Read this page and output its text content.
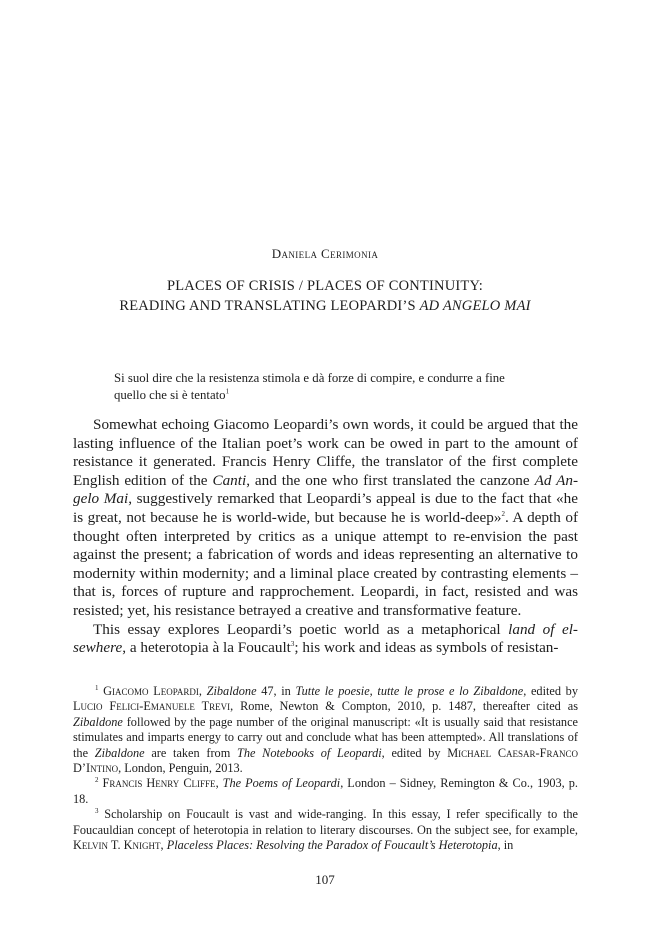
Daniela Cerimonia

PLACES OF CRISIS / PLACES OF CONTINUITY:
READING AND TRANSLATING LEOPARDI’S AD ANGELO MAI
Si suol dire che la resistenza stimola e dà forze di compire, e condurre a fine
quello che si è tentato$^1$

Somewhat echoing Giacomo Leopardi’s own words, it could be argued that the lasting influence of the Italian poet’s work can be owed in part to the amount of resistance it generated. Francis Henry Cliffe, the translator of the first complete English edition of the Canti, and the one who first translated the canzone Ad An-gelo Mai, suggestively remarked that Leopardi’s appeal is due to the fact that «he is great, not because he is world-wide, but because he is world-deep»$^2$. A depth of thought often interpreted by critics as a unique attempt to re-envision the past against the present; a fabrication of words and ideas representing an alternative to modernity within modernity; and a liminal place created by contrasting elements – that is, forces of rupture and rapprochement. Leopardi, in fact, resisted and was resisted; yet, his resistance betrayed a creative and transformative feature.

This essay explores Leopardi’s poetic world as a metaphorical land of el-sewhere, a heterotopia à la Foucault$^3$; his work and ideas as symbols of resistan-

$^1$ Giacomo Leopardi, Zibaldone 47, in Tutte le poesie, tutte le prose e lo Zibaldone, edited by Lucio Felici-Emanuele Trevi, Rome, Newton & Compton, 2010, p. 1487, thereafter cited as Zibaldone followed by the page number of the original manuscript: «It is usually said that resistance stimulates and imparts energy to carry out and conclude what has been attempted». All translations of the Zibaldone are taken from The Notebooks of Leopardi, edited by Michael Caesar-Franco D’Intino, London, Penguin, 2013.

$^2$ Francis Henry Cliffe, The Poems of Leopardi, London – Sidney, Remington & Co., 1903, p. 18.

$^3$ Scholarship on Foucault is vast and wide-ranging. In this essay, I refer specifically to the Foucauldian concept of heterotopia in relation to literary discourses. On the subject see, for example, Kelvin T. Knight, Placeless Places: Resolving the Paradox of Foucault’s Heterotopia, in

107
